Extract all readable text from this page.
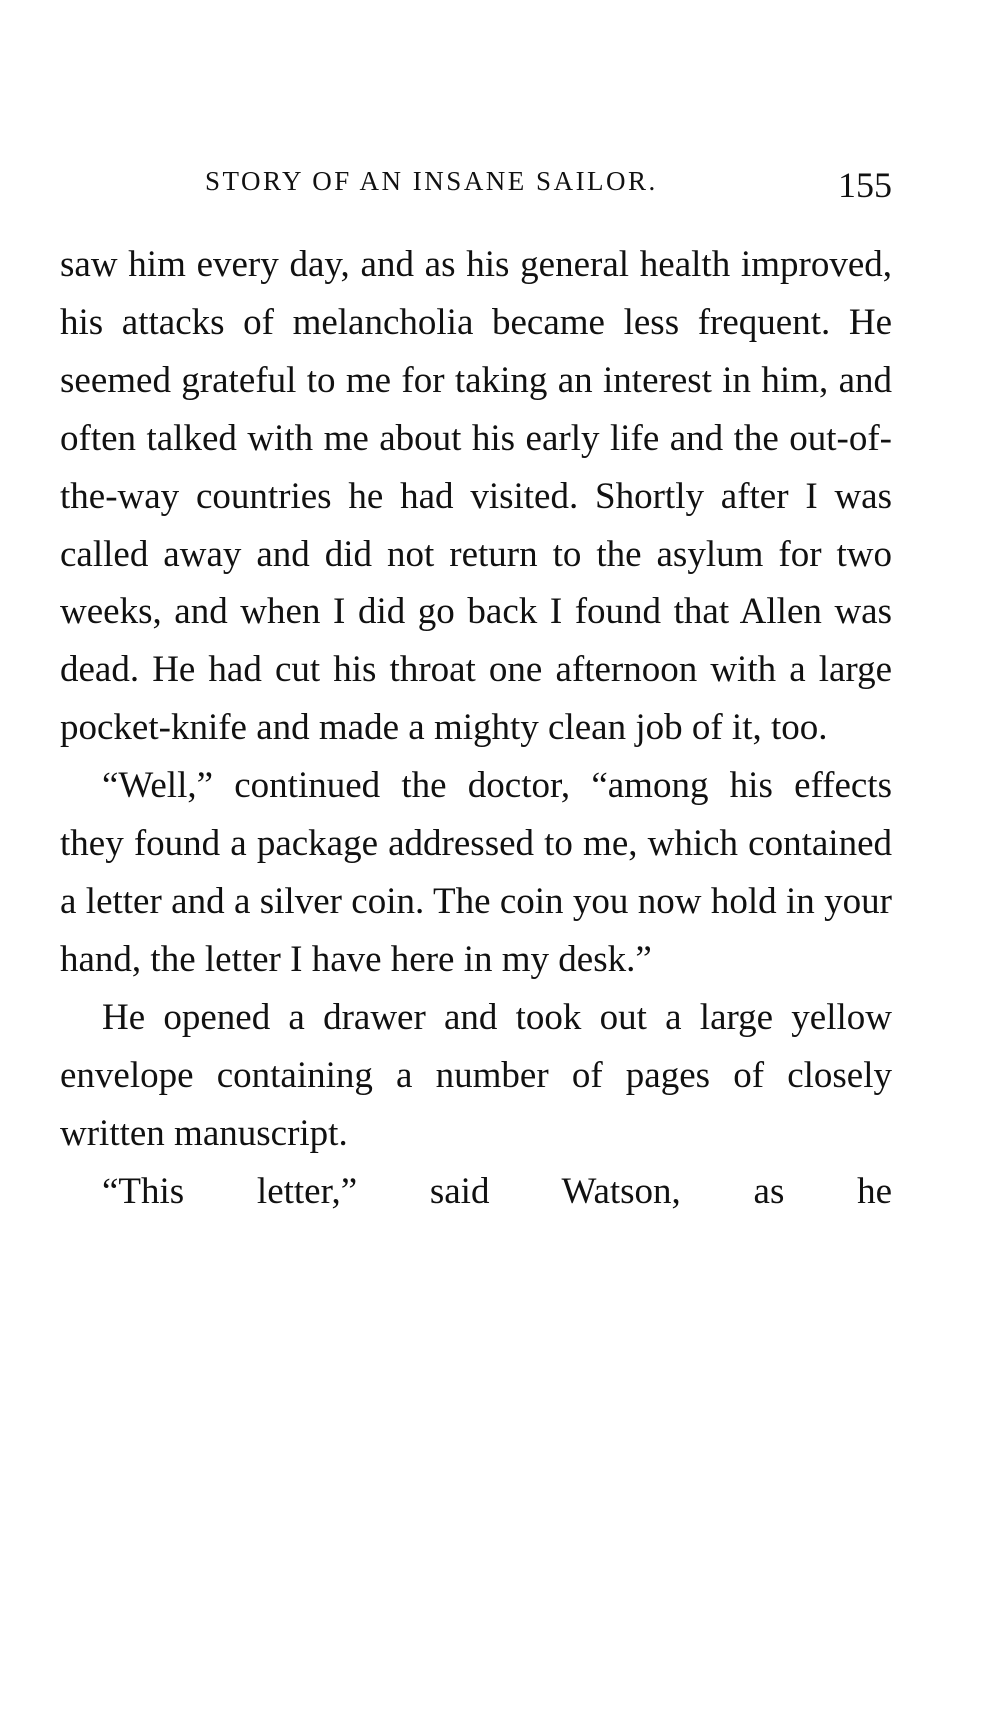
STORY OF AN INSANE SAILOR.	155

saw him every day, and as his general health improved, his attacks of melancholia became less frequent. He seemed grateful to me for taking an interest in him, and often talked with me about his early life and the out-of-the-way countries he had visited. Shortly after I was called away and did not return to the asylum for two weeks, and when I did go back I found that Allen was dead. He had cut his throat one afternoon with a large pocket-knife and made a mighty clean job of it, too.

“Well,” continued the doctor, “among his effects they found a package addressed to me, which contained a letter and a silver coin. The coin you now hold in your hand, the letter I have here in my desk.”

He opened a drawer and took out a large yellow envelope containing a number of pages of closely written manuscript.

“This letter,” said Watson, as he
